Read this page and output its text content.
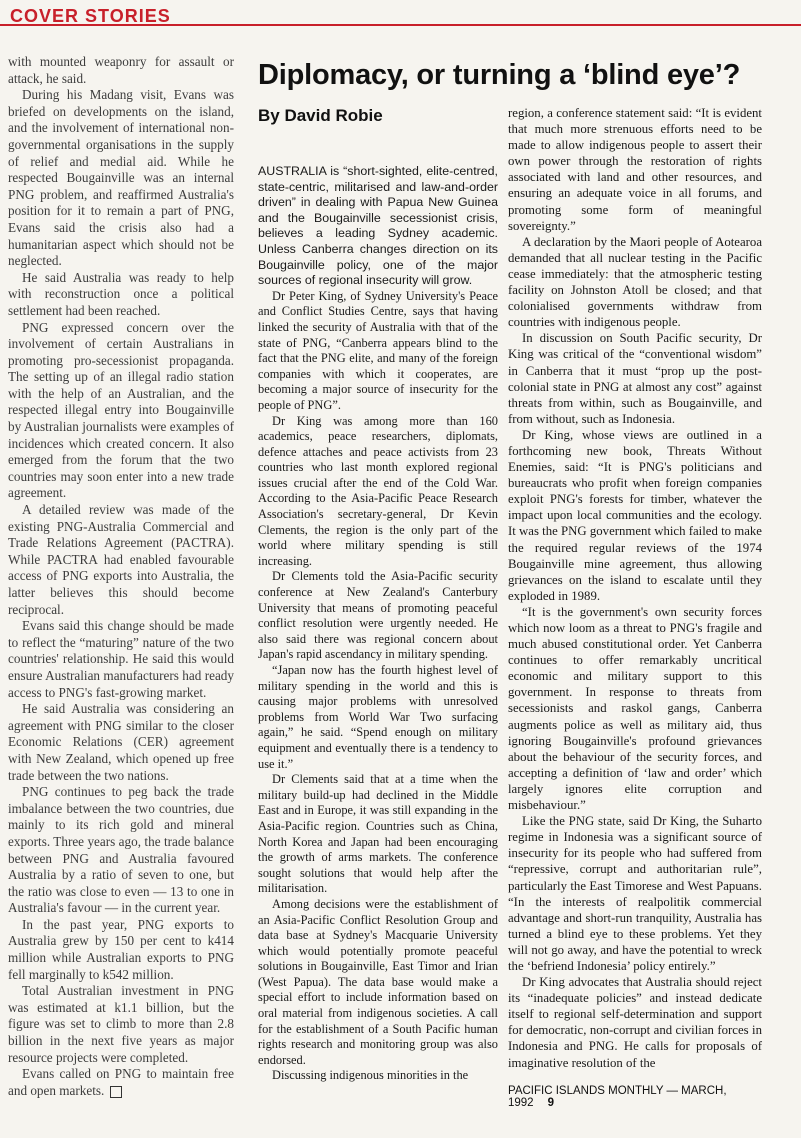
COVER STORIES

with mounted weaponry for assault or attack, he said.

During his Madang visit, Evans was briefed on developments on the island, and the involvement of international non-governmental organisations in the supply of relief and medial aid. While he respected Bougainville was an internal PNG problem, and reaffirmed Australia's position for it to remain a part of PNG, Evans said the crisis also had a humanitarian aspect which should not be neglected.

He said Australia was ready to help with reconstruction once a political settlement had been reached.

PNG expressed concern over the involvement of certain Australians in promoting pro-secessionist propaganda. The setting up of an illegal radio station with the help of an Australian, and the respected illegal entry into Bougainville by Australian journalists were examples of incidences which created concern. It also emerged from the forum that the two countries may soon enter into a new trade agreement.

A detailed review was made of the existing PNG-Australia Commercial and Trade Relations Agreement (PACTRA). While PACTRA had enabled favourable access of PNG exports into Australia, the latter believes this should become reciprocal.

Evans said this change should be made to reflect the “maturing” nature of the two countries' relationship. He said this would ensure Australian manufacturers had ready access to PNG's fast-growing market.

He said Australia was considering an agreement with PNG similar to the closer Economic Relations (CER) agreement with New Zealand, which opened up free trade between the two nations.

PNG continues to peg back the trade imbalance between the two countries, due mainly to its rich gold and mineral exports. Three years ago, the trade balance between PNG and Australia favoured Australia by a ratio of seven to one, but the ratio was close to even — 13 to one in Australia's favour — in the current year.

In the past year, PNG exports to Australia grew by 150 per cent to k414 million while Australian exports to PNG fell marginally to k542 million.

Total Australian investment in PNG was estimated at k1.1 billion, but the figure was set to climb to more than 2.8 billion in the next five years as major resource projects were completed.

Evans called on PNG to maintain free and open markets.

Diplomacy, or turning a ‘blind eye’?
By David Robie

AUSTRALIA is “short-sighted, elite-centred, state-centric, militarised and law-and-order driven” in dealing with Papua New Guinea and the Bougainville secessionist crisis, believes a leading Sydney academic. Unless Canberra changes direction on its Bougainville policy, one of the major sources of regional insecurity will grow.

Dr Peter King, of Sydney University's Peace and Conflict Studies Centre, says that having linked the security of Australia with that of the state of PNG, “Canberra appears blind to the fact that the PNG elite, and many of the foreign companies with which it cooperates, are becoming a major source of insecurity for the people of PNG”.

Dr King was among more than 160 academics, peace researchers, diplomats, defence attaches and peace activists from 23 countries who last month explored regional issues crucial after the end of the Cold War. According to the Asia-Pacific Peace Research Association's secretary-general, Dr Kevin Clements, the region is the only part of the world where military spending is still increasing.

Dr Clements told the Asia-Pacific security conference at New Zealand's Canterbury University that means of promoting peaceful conflict resolution were urgently needed. He also said there was regional concern about Japan's rapid ascendancy in military spending.

“Japan now has the fourth highest level of military spending in the world and this is causing major problems with unresolved problems from World War Two surfacing again,” he said. “Spend enough on military equipment and eventually there is a tendency to use it.”

Dr Clements said that at a time when the military build-up had declined in the Middle East and in Europe, it was still expanding in the Asia-Pacific region. Countries such as China, North Korea and Japan had been encouraging the growth of arms markets. The conference sought solutions that would help after the militarisation.

Among decisions were the establishment of an Asia-Pacific Conflict Resolution Group and data base at Sydney's Macquarie University which would potentially promote peaceful solutions in Bougainville, East Timor and Irian (West Papua). The data base would make a special effort to include information based on oral material from indigenous societies. A call for the establishment of a South Pacific human rights research and monitoring group was also endorsed.

Discussing indigenous minorities in the

region, a conference statement said: “It is evident that much more strenuous efforts need to be made to allow indigenous people to assert their own power through the restoration of rights associated with land and other resources, and ensuring an adequate voice in all forums, and promoting some form of meaningful sovereignty.”

A declaration by the Maori people of Aotearoa demanded that all nuclear testing in the Pacific cease immediately: that the atmospheric testing facility on Johnston Atoll be closed; and that colonialised governments withdraw from countries with indigenous people.

In discussion on South Pacific security, Dr King was critical of the “conventional wisdom” in Canberra that it must “prop up the post-colonial state in PNG at almost any cost” against threats from within, such as Bougainville, and from without, such as Indonesia.

Dr King, whose views are outlined in a forthcoming new book, Threats Without Enemies, said: “It is PNG's politicians and bureaucrats who profit when foreign companies exploit PNG's forests for timber, whatever the impact upon local communities and the ecology. It was the PNG government which failed to make the required regular reviews of the 1974 Bougainville mine agreement, thus allowing grievances on the island to escalate until they exploded in 1989.

“It is the government's own security forces which now loom as a threat to PNG's fragile and much abused constitutional order. Yet Canberra continues to offer remarkably uncritical economic and military support to this government. In response to threats from secessionists and raskol gangs, Canberra augments police as well as military aid, thus ignoring Bougainville's profound grievances about the behaviour of the security forces, and accepting a definition of ‘law and order’ which largely ignores elite corruption and misbehaviour.”

Like the PNG state, said Dr King, the Suharto regime in Indonesia was a significant source of insecurity for its people who had suffered from “repressive, corrupt and authoritarian rule”, particularly the East Timorese and West Papuans. “In the interests of realpolitik commercial advantage and short-run tranquility, Australia has turned a blind eye to these problems. Yet they will not go away, and have the potential to wreck the ‘befriend Indonesia’ policy entirely.”

Dr King advocates that Australia should reject its “inadequate policies” and instead dedicate itself to regional self-determination and support for democratic, non-corrupt and civilian forces in Indonesia and PNG. He calls for proposals of imaginative resolution of the

PACIFIC ISLANDS MONTHLY — MARCH, 1992 9
